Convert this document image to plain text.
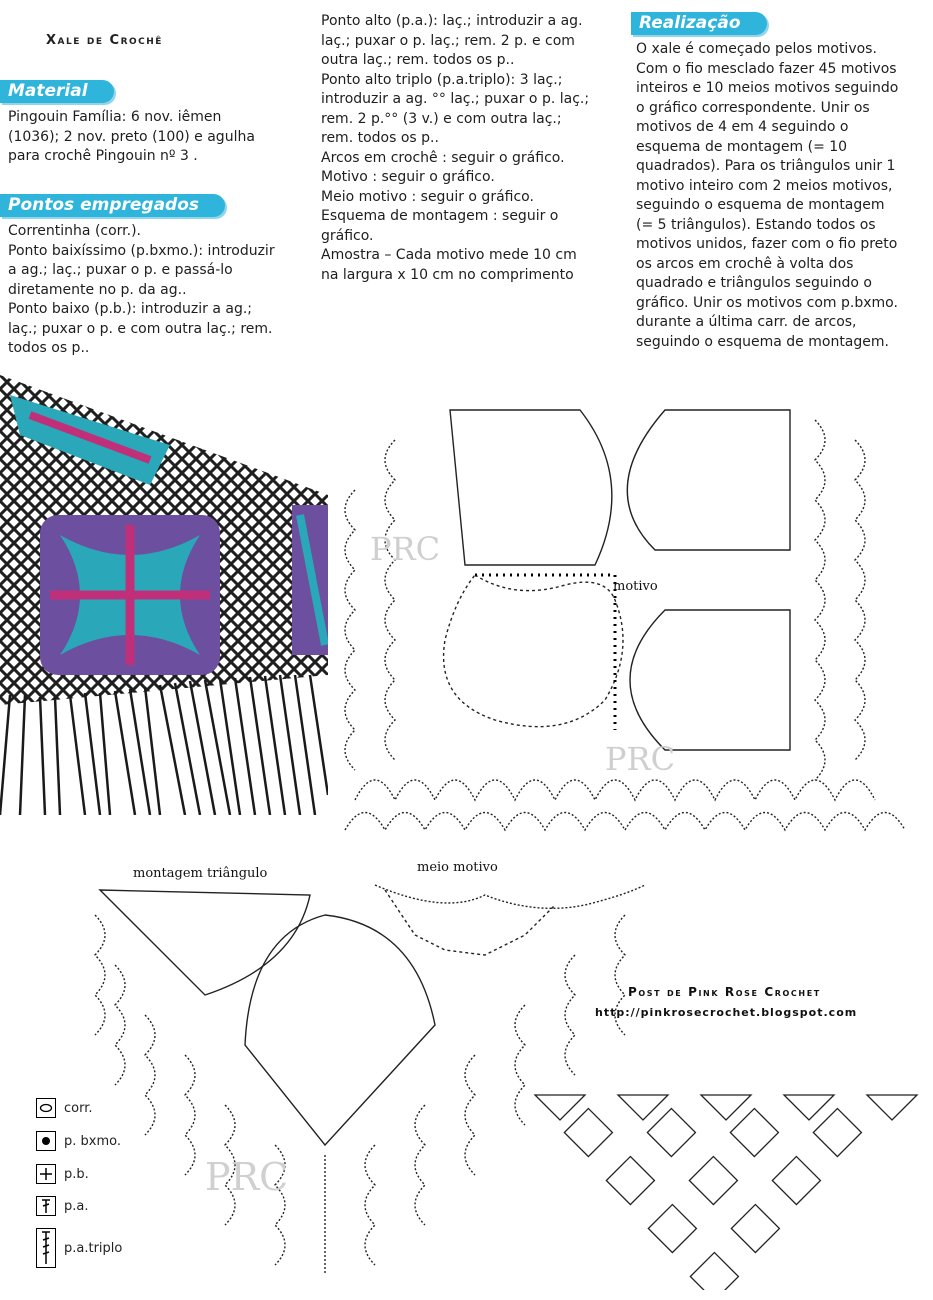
Xale de Crochê
Material

Pingouin Família: 6 nov. iêmen

(1036); 2 nov. preto (100) e agulha

para crochê Pingouin nº 3 .

Pontos empregados

Correntinha (corr.).

Ponto baixíssimo (p.bxmo.): introduzir

a ag.; laç.; puxar o p. e passá-lo

diretamente no p. da ag..

Ponto baixo (p.b.): introduzir a ag.;

laç.; puxar o p. e com outra laç.; rem.

todos os p..

Ponto alto (p.a.): laç.; introduzir a ag.

laç.; puxar o p. laç.; rem. 2 p. e com

outra laç.; rem. todos os p..

Ponto alto triplo (p.a.triplo): 3 laç.;

introduzir a ag. °° laç.; puxar o p. laç.;

rem. 2 p.°° (3 v.) e com outra laç.;

rem. todos os p..

Arcos em crochê : seguir o gráfico.

Motivo : seguir o gráfico.

Meio motivo : seguir o gráfico.

Esquema de montagem : seguir o

gráfico.

Amostra – Cada motivo mede 10 cm

na largura x 10 cm no comprimento

Realização

O xale é começado pelos motivos.

Com o fio mesclado fazer 45 motivos

inteiros e 10 meios motivos seguindo

o gráfico correspondente. Unir os

motivos de 4 em 4 seguindo o

esquema de montagem (= 10

quadrados). Para os triângulos unir 1

motivo inteiro com 2 meios motivos,

seguindo o esquema de montagem

(= 5 triângulos). Estando todos os

motivos unidos, fazer com o fio preto

os arcos em crochê à volta dos

quadrado e triângulos seguindo o

gráfico. Unir os motivos com p.bxmo.

durante a última carr. de arcos,

seguindo o esquema de montagem.

motivo
PRC
PRC
montagem triângulo	meio motivo
PRC
Post de Pink Rose Crochet
http://pinkrosecrochet.blogspot.com
corr.
p. bxmo.
p.b.
p.a.
p.a.triplo
